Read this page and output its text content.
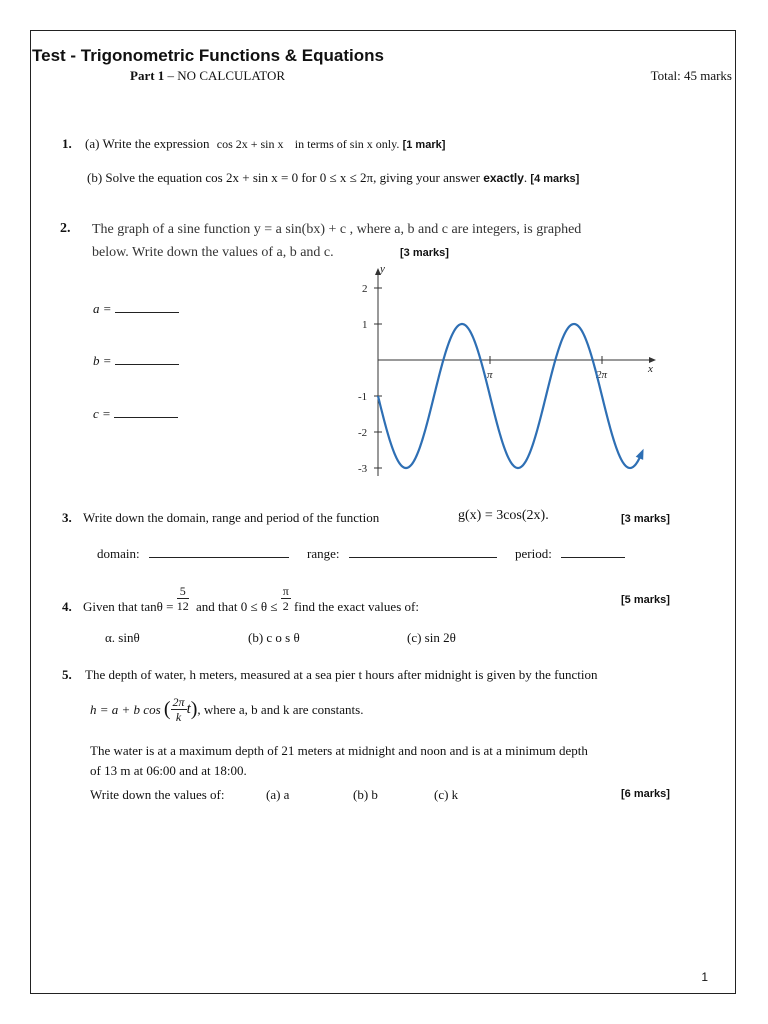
Test - Trigonometric Functions & Equations
Part 1 – NO CALCULATOR	Total: 45 marks
1. (a) Write the expression cos 2x + sin x in terms of sin x only. [1 mark]
(b) Solve the equation cos 2x + sin x = 0 for 0 ≤ x ≤ 2π, giving your answer exactly. [4 marks]
2. The graph of a sine function y = a sin(bx) + c , where a, b and c are integers, is graphed
below. Write down the values of a, b and c.	[3 marks]
a =
b =
c =
y
x
2
1
-1
-2
-3
π	2π
3. Write down the domain, range and period of the function	g(x) = 3cos(2x).	[3 marks]
domain:	range:	period:
4. Given that $\tan\theta = \frac{5}{12}$ and that $0 \le \theta \le \frac{\pi}{2}$ find the exact values of:	[5 marks]
α. sinθ	(b) c o s θ	(c) sin 2θ
5. The depth of water, h meters, measured at a sea pier t hours after midnight is given by the function
h = a + b cos ( $\frac{2\pi}{k} t$), where a, b and k are constants.
The water is at a maximum depth of 21 meters at midnight and noon and is at a minimum depth
of 13 m at 06:00 and at 18:00.
Write down the values of:	(a) a	(b) b	(c) k	[6 marks]
1
